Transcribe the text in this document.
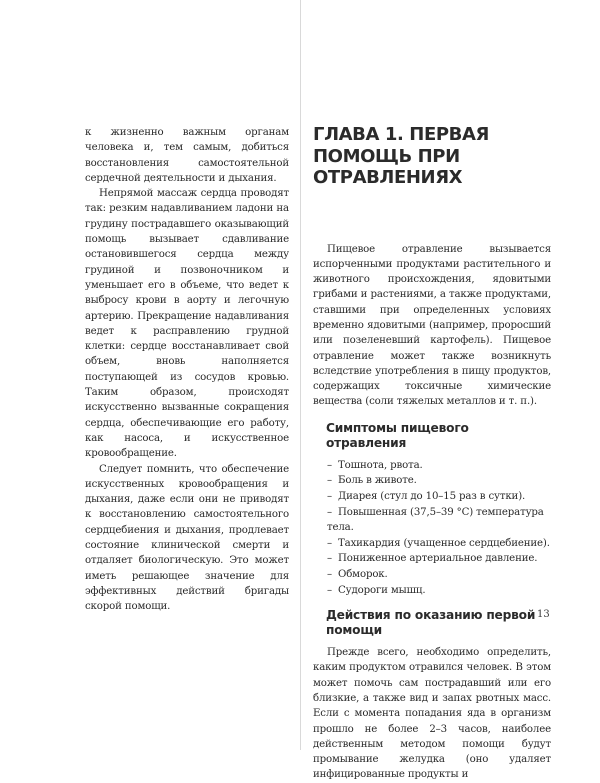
к жизненно важным органам человека и, тем самым, добиться восстановления самостоятельной сердечной деятельности и дыхания.

Непрямой массаж сердца проводят так: резким надавливанием ладони на грудину пострадавшего оказывающий помощь вызывает сдавливание остановившегося сердца между грудиной и позвоночником и уменьшает его в объеме, что ведет к выбросу крови в аорту и легочную артерию. Прекращение надавливания ведет к расправлению грудной клетки: сердце восстанавливает свой объем, вновь наполняется поступающей из сосудов кровью. Таким образом, происходят искусственно вызванные сокращения сердца, обеспечивающие его работу, как насоса, и искусственное кровообращение.

Следует помнить, что обеспечение искусственных кровообращения и дыхания, даже если они не приводят к восстановлению самостоятельного сердцебиения и дыхания, продлевает состояние клинической смерти и отдаляет биологическую. Это может иметь решающее значение для эффективных действий бригады скорой помощи.

ГЛАВА 1. ПЕРВАЯ ПОМОЩЬ ПРИ
ОТРАВЛЕНИЯХ

Пищевое отравление вызывается испорченными продуктами растительного и животного происхождения, ядовитыми грибами и растениями, а также продуктами, ставшими при определенных условиях временно ядовитыми (например, проросший или позеленевший картофель). Пищевое отравление может также возникнуть вследствие употребления в пищу продуктов, содержащих токсичные химические вещества (соли тяжелых металлов и т. п.).

Симптомы пищевого отравления
– Тошнота, рвота.
– Боль в животе.
– Диарея (стул до 10–15 раз в сутки).
– Повышенная (37,5–39 °С) температура тела.
– Тахикардия (учащенное сердцебиение).
– Пониженное артериальное давление.
– Обморок.
– Судороги мышц.
Действия по оказанию первой помощи

Прежде всего, необходимо определить, каким продуктом отравился человек. В этом может помочь сам пострадавший или его близкие, а также вид и запах рвотных масс. Если с момента попадания яда в организм прошло не более 2–3 часов, наиболее действенным методом помощи будут промывание желудка (оно удаляет инфицированные продукты и

13
